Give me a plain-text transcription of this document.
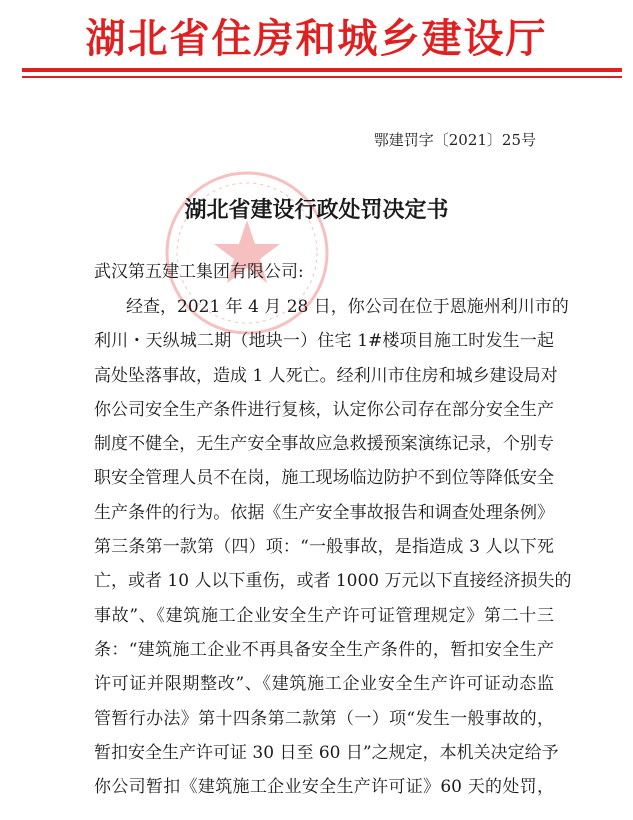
湖北省住房和城乡建设厅
鄂建罚字〔2021〕25号
湖北省建设行政处罚决定书
武汉第五建工集团有限公司:
经查，2021 年 4 月 28 日，你公司在位于恩施州利川市的
利川・天纵城二期（地块一）住宅 1#楼项目施工时发生一起
高处坠落事故，造成 1 人死亡。经利川市住房和城乡建设局对
你公司安全生产条件进行复核，认定你公司存在部分安全生产
制度不健全，无生产安全事故应急救援预案演练记录，个别专
职安全管理人员不在岗，施工现场临边防护不到位等降低安全
生产条件的行为。依据《生产安全事故报告和调查处理条例》
第三条第一款第（四）项：“一般事故，是指造成 3 人以下死
亡，或者 10 人以下重伤，或者 1000 万元以下直接经济损失的
事故”、《建筑施工企业安全生产许可证管理规定》第二十三
条：“建筑施工企业不再具备安全生产条件的，暂扣安全生产
许可证并限期整改”、《建筑施工企业安全生产许可证动态监
管暂行办法》第十四条第二款第（一）项“发生一般事故的，
暂扣安全生产许可证 30 日至 60 日”之规定，本机关决定给予
你公司暂扣《建筑施工企业安全生产许可证》60 天的处罚，
